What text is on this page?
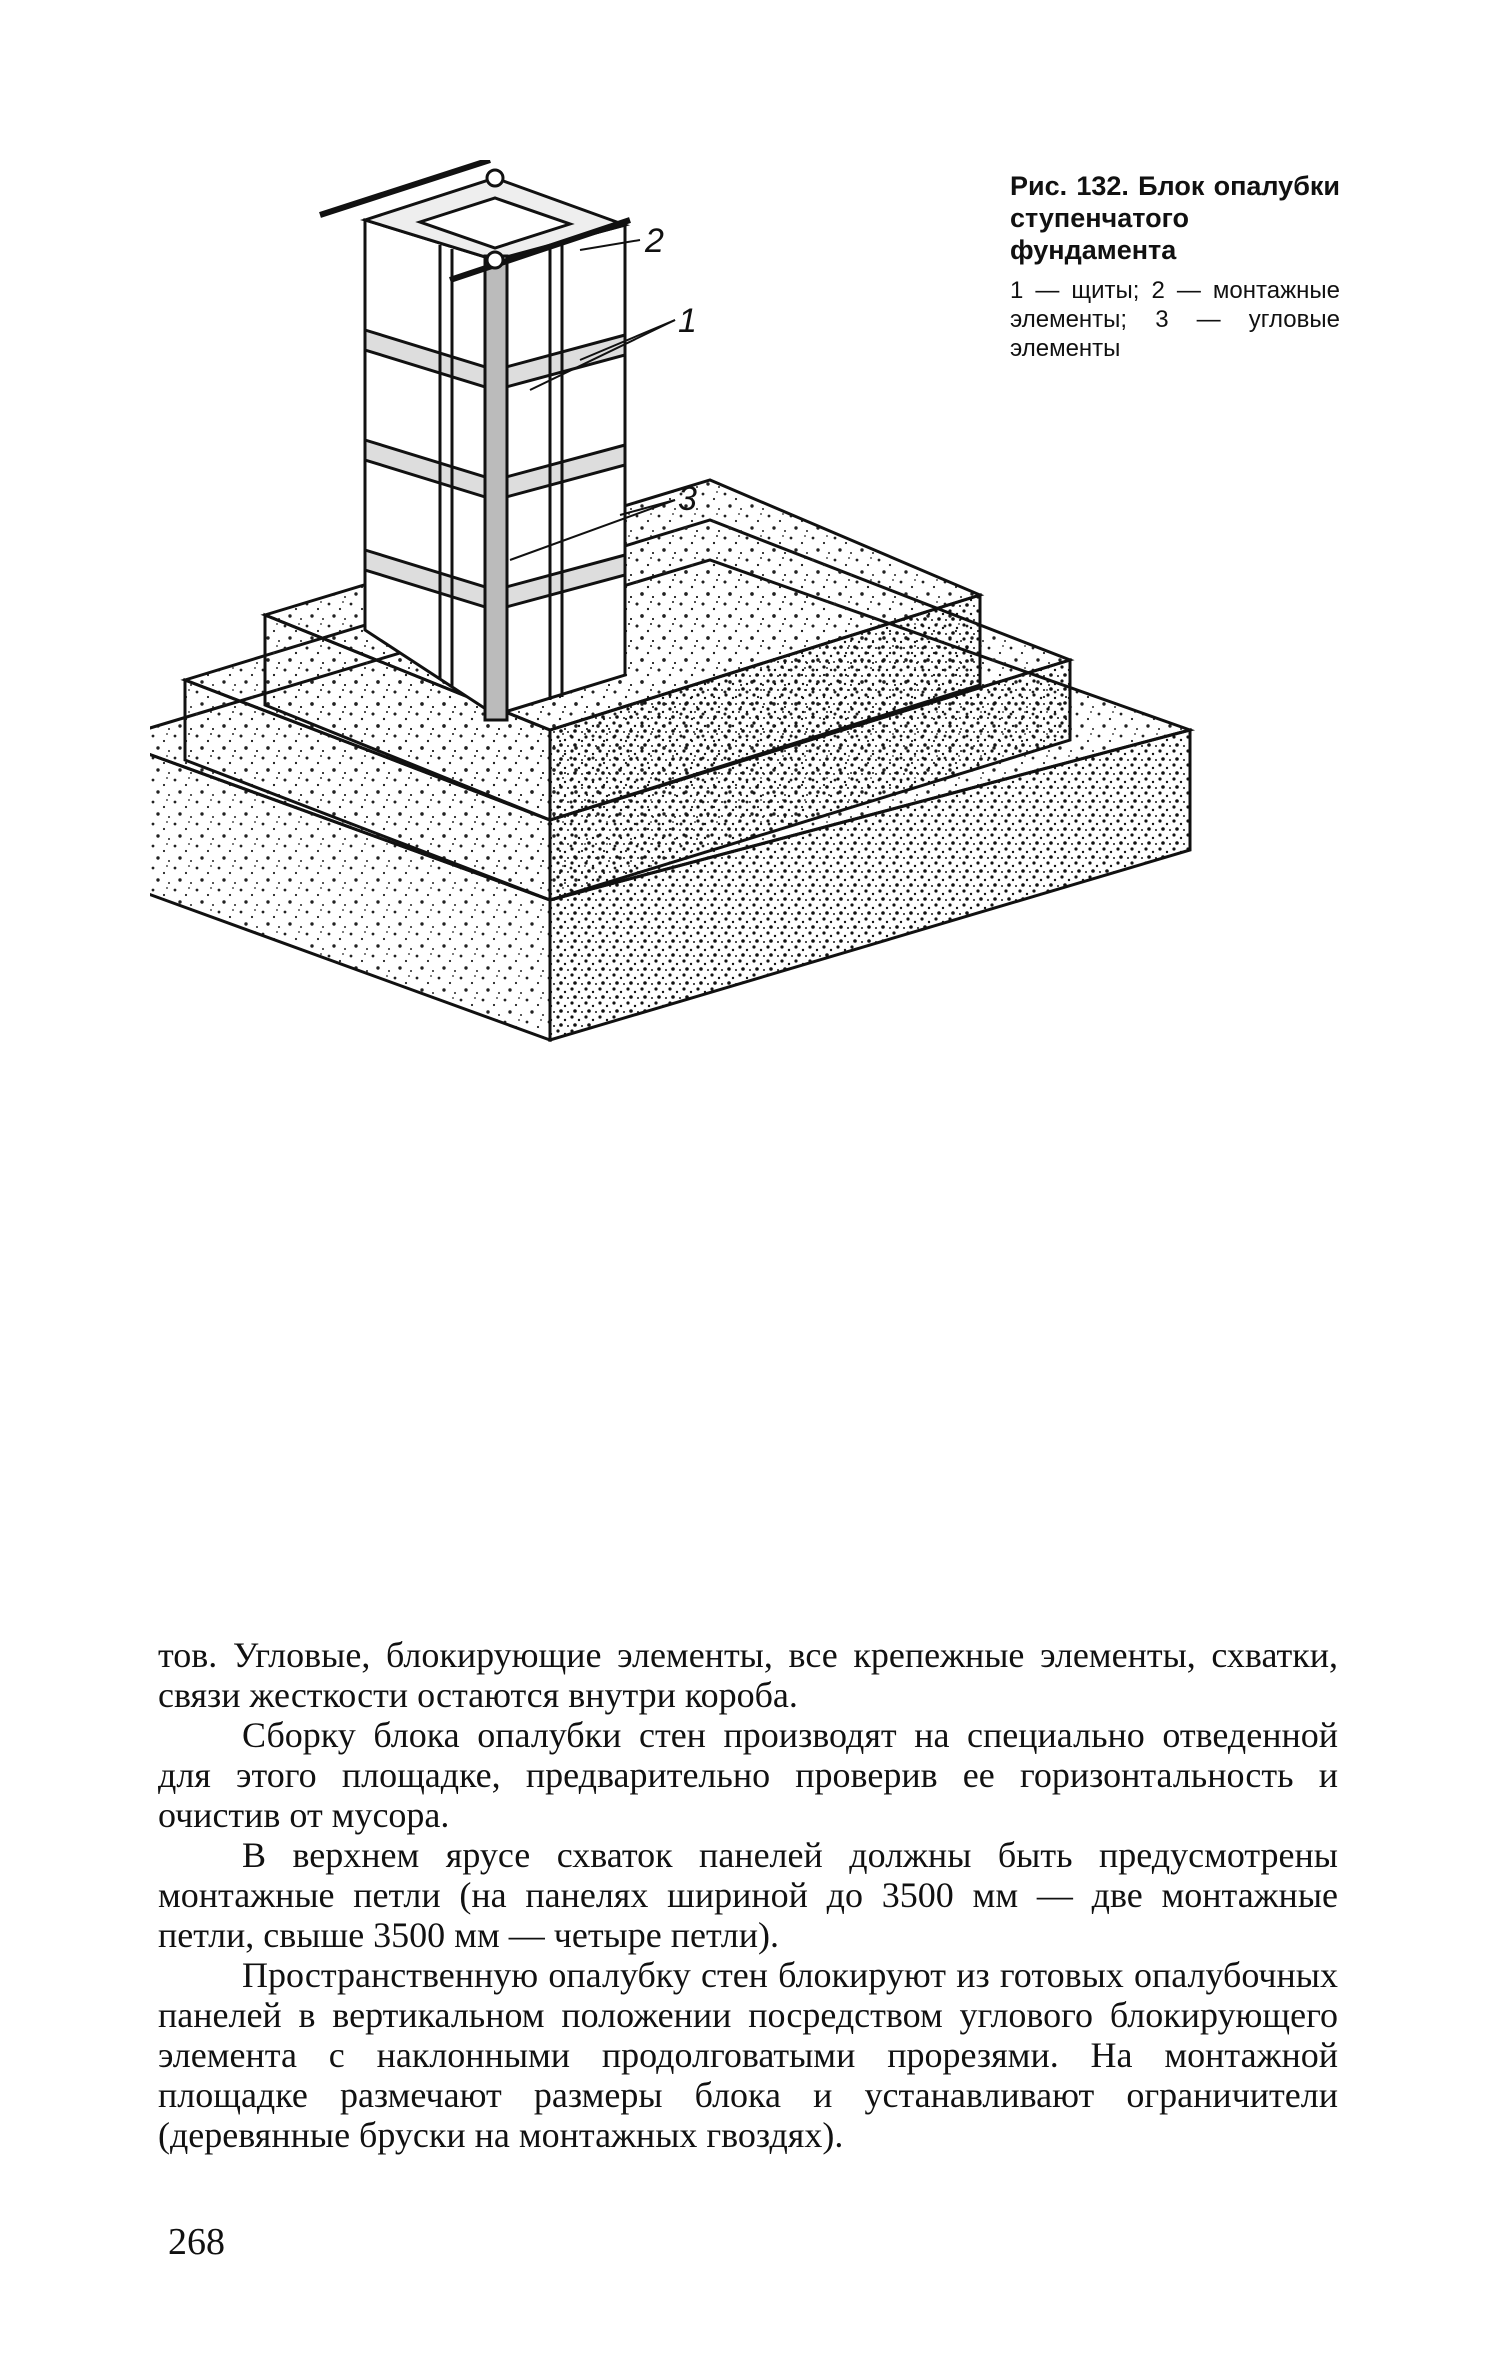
2
1
3
Рис. 132. Блок опалубки ступенчатого фундамента
1 — щиты; 2 — монтажные элементы; 3 — угловые элементы

тов. Угловые, блокирующие элементы, все крепежные элементы, схватки, связи жесткости остаются внутри короба.

Сборку блока опалубки стен производят на специально отведенной для этого площадке, предварительно проверив ее горизонтальность и очистив от мусора.

В верхнем ярусе схваток панелей должны быть предусмотрены монтажные петли (на панелях шириной до 3500 мм — две монтажные петли, свыше 3500 мм — четыре петли).

Пространственную опалубку стен блокируют из готовых опалубочных панелей в вертикальном положении посредством углового блокирующего элемента с наклонными продолговатыми прорезями. На монтажной площадке размечают размеры блока и устанавливают ограничители (деревянные бруски на монтажных гвоздях).

268
